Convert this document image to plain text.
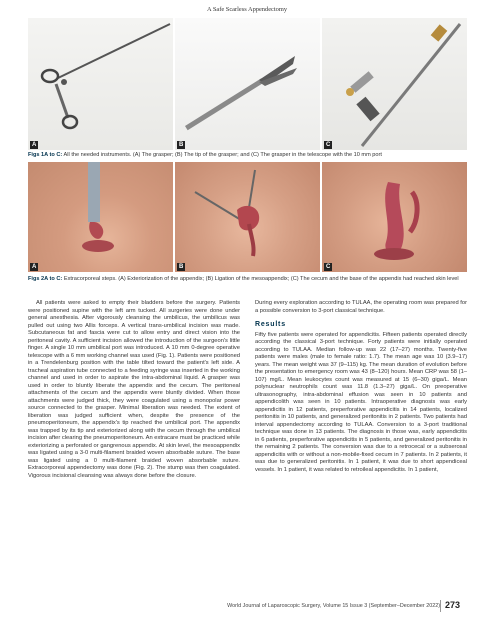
A Safe Scarless Appendectomy
A	B	C
Figs 1A to C: All the needed instruments. (A) The grasper; (B) The tip of the grasper; and (C) The grasper in the telescope with the 10 mm port
A	B	C
Figs 2A to C: Extracorporeal steps. (A) Exteriorization of the appendix; (B) Ligation of the mesoappendix; (C) The cecum and the base of the appendix had reached skin level

All patients were asked to empty their bladders before the surgery. Patients were positioned supine with the left arm tucked. All surgeries were done under general anesthesia. After vigorously cleansing the umbilicus, the umbilicus was pulled out using two Allis forceps. A vertical trans-umbilical incision was made. Subcutaneous fat and fascia were cut to allow entry and direct vision into the peritoneal cavity. A sufficient incision allowed the introduction of the surgeon's little finger. A single 10 mm umbilical port was introduced. A 10 mm 0-degree operative telescope with a 6 mm working channel was used (Fig. 1). Patients were positioned in a Trendelenburg position with the table tilted toward the patient's left side. A tracheal aspiration tube connected to a feeding syringe was inserted in the working channel and used in order to aspirate the intra-abdominal liquid. A grasper was used in order to bluntly liberate the appendix and the cecum. The peritoneal attachments of the cecum and the appendix were bluntly divided. When those attachments were judged thick, they were coagulated using a monopolar power source connected to the grasper. Minimal liberation was needed. The extent of liberation was judged sufficient when, despite the presence of the pneumoperitoneum, the appendix's tip reached the umbilical port. The appendix was trapped by its tip and exteriorized along with the cecum through the umbilical incision after clearing the pneumoperitoneum. An extracare must be practiced while exteriorizing a perforated or gangrenous appendix. At skin level, the mesoappendix was ligated using a 3-0 multi-filament braided woven absorbable suture. The base was ligated using a 0 multi-filament braided woven absorbable suture. Extracorporeal appendectomy was done (Fig. 2). The stump was then coagulated. Vigorous incisional cleansing was always done before the closure.

During every exploration according to TULAA, the operating room was prepared for a possible conversion to 3-port classical technique.

Results

Fifty five patients were operated for appendicitis. Fifteen patients operated directly according the classical 3-port technique. Forty patients were initially operated according to TULAA. Median follow-up was 22 (17–27) months. Twenty-five patients were males (male to female ratio: 1.7). The mean age was 10 (3.9–17) years. The mean weight was 37 (9–115) kg. The mean duration of evolution before the presentation to emergency room was 43 (8–120) hours. Mean CRP was 58 (1–107) mg/L. Mean leukocytes count was measured at 15 (6–30) giga/L. Mean polynuclear neutrophils count was 11.8 (1.3–27) giga/L. On preoperative ultrasonography, intra-abdominal effusion was seen in 10 patients and appendicolith was seen in 10 patients. Intraoperative diagnosis was early appendicitis in 12 patients, preperforative appendicitis in 14 patients, localized peritonitis in 10 patients, and generalized peritonitis in 2 patients. Two patients had interval appendectomy according to TULAA. Conversion to a 3-port traditional technique was done in 13 patients. The diagnosis in those was, early appendicitis in 6 patients, preperforative appendicitis in 5 patients, and generalized peritonitis in the remaining 2 patients. The conversion was due to a retrocecal or a subserosal appendicitis with or without a non-mobile-fixed cecum in 7 patients. In 2 patients, it was due to generalized peritonitis. In 1 patient, it was due to short appendiceal vessels. In 1 patient, it was related to retroileal appendicitis. In 1 patient,

World Journal of Laparoscopic Surgery, Volume 15 Issue 3 (September–December 2022) 273
